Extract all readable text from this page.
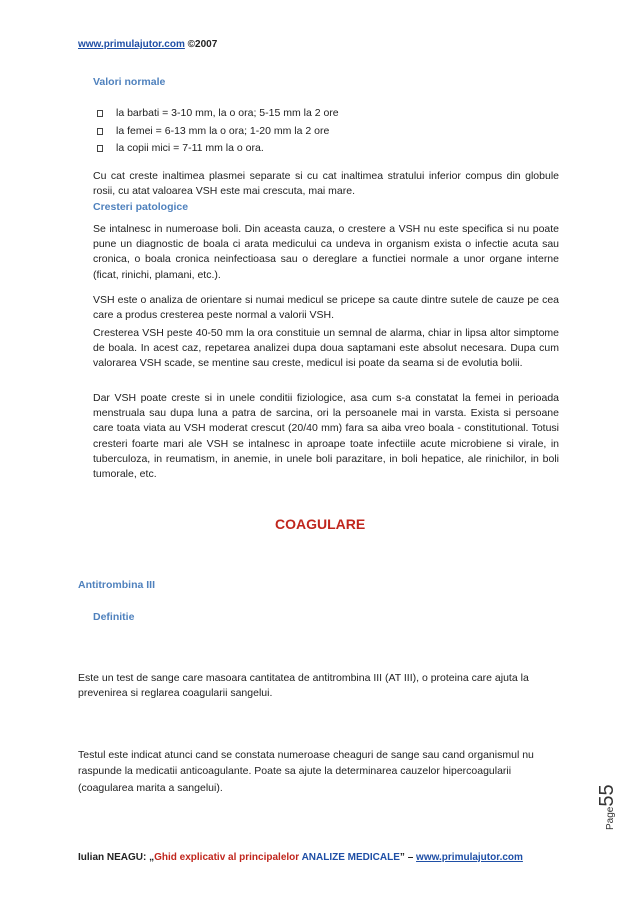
www.primulajutor.com ©2007
Valori normale
la barbati = 3-10 mm, la o ora; 5-15 mm la 2 ore
la femei = 6-13 mm la o ora; 1-20 mm la 2 ore
la copii mici = 7-11 mm la o ora.

Cu cat creste inaltimea plasmei separate si cu cat inaltimea stratului inferior compus din globule rosii, cu atat valoarea VSH este mai crescuta, mai mare.

Cresteri patologice

Se intalnesc in numeroase boli. Din aceasta cauza, o crestere a VSH nu este specifica si nu poate pune un diagnostic de boala ci arata medicului ca undeva in organism exista o infectie acuta sau cronica, o boala cronica neinfectioasa sau o dereglare a functiei normale a unor organe interne (ficat, rinichi, plamani, etc.).

VSH este o analiza de orientare si numai medicul se pricepe sa caute dintre sutele de cauze pe cea care a produs cresterea peste normal a valorii VSH.

Cresterea VSH peste 40-50 mm la ora constituie un semnal de alarma, chiar in lipsa altor simptome de boala. In acest caz, repetarea analizei dupa doua saptamani este absolut necesara. Dupa cum valorarea VSH scade, se mentine sau creste, medicul isi poate da seama si de evolutia bolii.

Dar VSH poate creste si in unele conditii fiziologice, asa cum s-a constatat la femei in perioada menstruala sau dupa luna a patra de sarcina, ori la persoanele mai in varsta. Exista si persoane care toata viata au VSH moderat crescut (20/40 mm) fara sa aiba vreo boala - constitutional. Totusi cresteri foarte mari ale VSH se intalnesc in aproape toate infectiile acute microbiene si virale, in tuberculoza, in reumatism, in anemie, in unele boli parazitare, in boli hepatice, ale rinichilor, in boli tumorale, etc.

COAGULARE
Antitrombina III
Definitie

Este un test de sange care masoara cantitatea de antitrombina III (AT III), o proteina care ajuta la prevenirea si reglarea coagularii sangelui.

Testul este indicat atunci cand se constata numeroase cheaguri de sange sau cand organismul nu raspunde la medicatii anticoagulante. Poate sa ajute la determinarea cauzelor hipercoagularii (coagularea marita a sangelui).

Page55
Iulian NEAGU: „Ghid explicativ al principalelor ANALIZE MEDICALE” – www.primulajutor.com
